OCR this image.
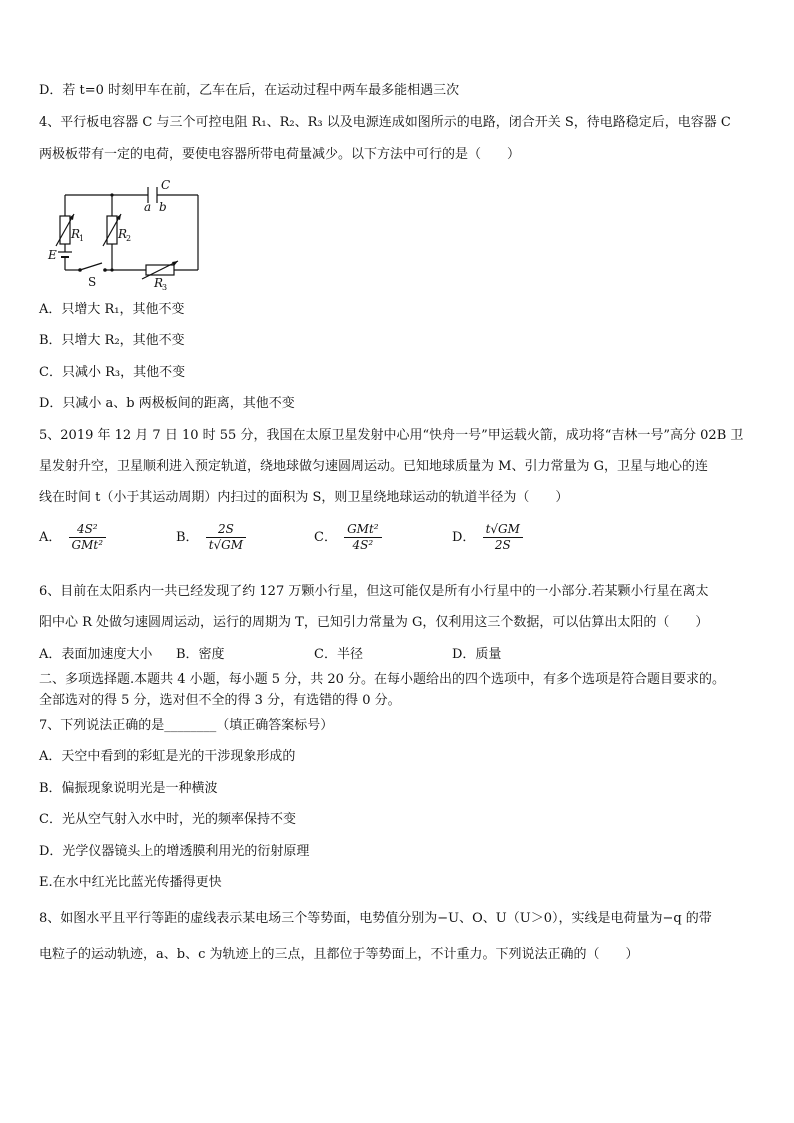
D．若 t=0 时刻甲车在前，乙车在后，在运动过程中两车最多能相遇三次
4、平行板电容器 C 与三个可控电阻 R₁、R₂、R₃ 以及电源连成如图所示的电路，闭合开关 S，待电路稳定后，电容器 C
两极板带有一定的电荷，要使电容器所带电荷量减少。以下方法中可行的是（　　）
C
a b
R
1	R
2
R
3
E
S
A．只增大 R₁，其他不变
B．只增大 R₂，其他不变
C．只减小 R₃，其他不变
D．只减小 a、b 两极板间的距离，其他不变
5、2019 年 12 月 7 日 10 时 55 分，我国在太原卫星发射中心用“快舟一号”甲运载火箭，成功将“吉林一号”高分 02B 卫
星发射升空，卫星顺利进入预定轨道，绕地球做匀速圆周运动。已知地球质量为 M、引力常量为 G，卫星与地心的连
线在时间 t（小于其运动周期）内扫过的面积为 S，则卫星绕地球运动的轨道半径为（　　）
A． $\frac{\text{4S²}}{\text{GMt²}}$	B． $\frac{2S}{t√GM}$	C． $\frac{\text{GMt²}}{\text{4S²}}$	D． $\frac{t√GM}{2S}$
6、目前在太阳系内一共已经发现了约 127 万颗小行星，但这可能仅是所有小行星中的一小部分.若某颗小行星在离太
阳中心 R 处做匀速圆周运动，运行的周期为 T，已知引力常量为 G，仅利用这三个数据，可以估算出太阳的（　　）
A．表面加速度大小 B．密度	C．半径	D．质量
二、多项选择题.本题共 4 小题，每小题 5 分，共 20 分。在每小题给出的四个选项中，有多个选项是符合题目要求的。
全部选对的得 5 分，选对但不全的得 3 分，有选错的得 0 分。
7、下列说法正确的是________（填正确答案标号）
A．天空中看到的彩虹是光的干涉现象形成的
B．偏振现象说明光是一种横波
C．光从空气射入水中时，光的频率保持不变
D．光学仪器镜头上的增透膜利用光的衍射原理
E.在水中红光比蓝光传播得更快
8、如图水平且平行等距的虚线表示某电场三个等势面，电势值分别为−U、O、U（U＞0），实线是电荷量为−q 的带
电粒子的运动轨迹，a、b、c 为轨迹上的三点，且都位于等势面上，不计重力。下列说法正确的（　　）
